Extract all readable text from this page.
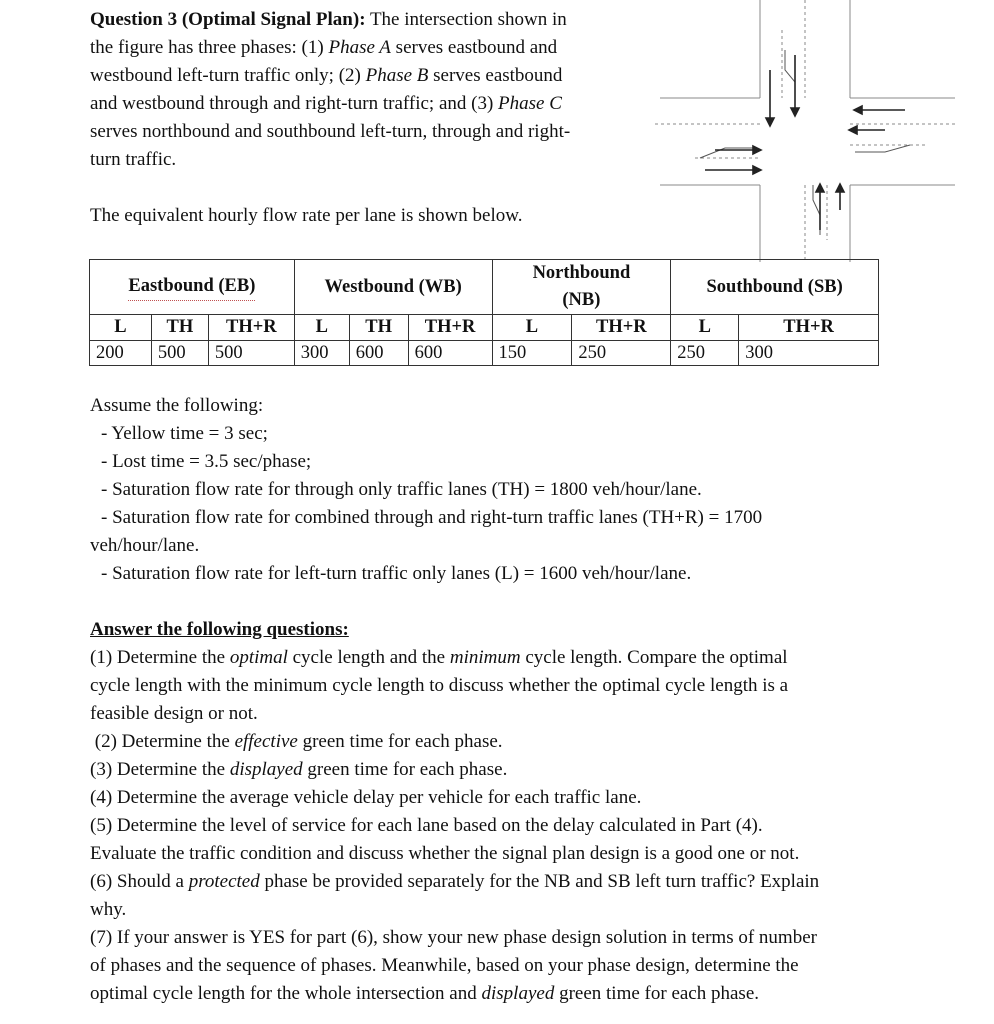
Question 3 (Optimal Signal Plan): The intersection shown in
the figure has three phases: (1) Phase A serves eastbound and
westbound left-turn traffic only; (2) Phase B serves eastbound
and westbound through and right-turn traffic; and (3) Phase C
serves northbound and southbound left-turn, through and right-
turn traffic.
The equivalent hourly flow rate per lane is shown below.
Eastbound (EB)			Westbound (WB)			Northbound
(NB)		Southbound (SB)	
L	TH	TH+R	L	TH	TH+R	L	TH+R	L	TH+R
200	500	500	300	600	600	150	250	250	300
Assume the following:
- Yellow time = 3 sec;
- Lost time = 3.5 sec/phase;
- Saturation flow rate for through only traffic lanes (TH) = 1800 veh/hour/lane.
- Saturation flow rate for combined through and right-turn traffic lanes (TH+R) = 1700
veh/hour/lane.
- Saturation flow rate for left-turn traffic only lanes (L) = 1600 veh/hour/lane.
Answer the following questions:
(1) Determine the optimal cycle length and the minimum cycle length. Compare the optimal
cycle length with the minimum cycle length to discuss whether the optimal cycle length is a
feasible design or not.
(2) Determine the effective green time for each phase.
(3) Determine the displayed green time for each phase.
(4) Determine the average vehicle delay per vehicle for each traffic lane.
(5) Determine the level of service for each lane based on the delay calculated in Part (4).
Evaluate the traffic condition and discuss whether the signal plan design is a good one or not.
(6) Should a protected phase be provided separately for the NB and SB left turn traffic? Explain
why.
(7) If your answer is YES for part (6), show your new phase design solution in terms of number
of phases and the sequence of phases. Meanwhile, based on your phase design, determine the
optimal cycle length for the whole intersection and displayed green time for each phase.
